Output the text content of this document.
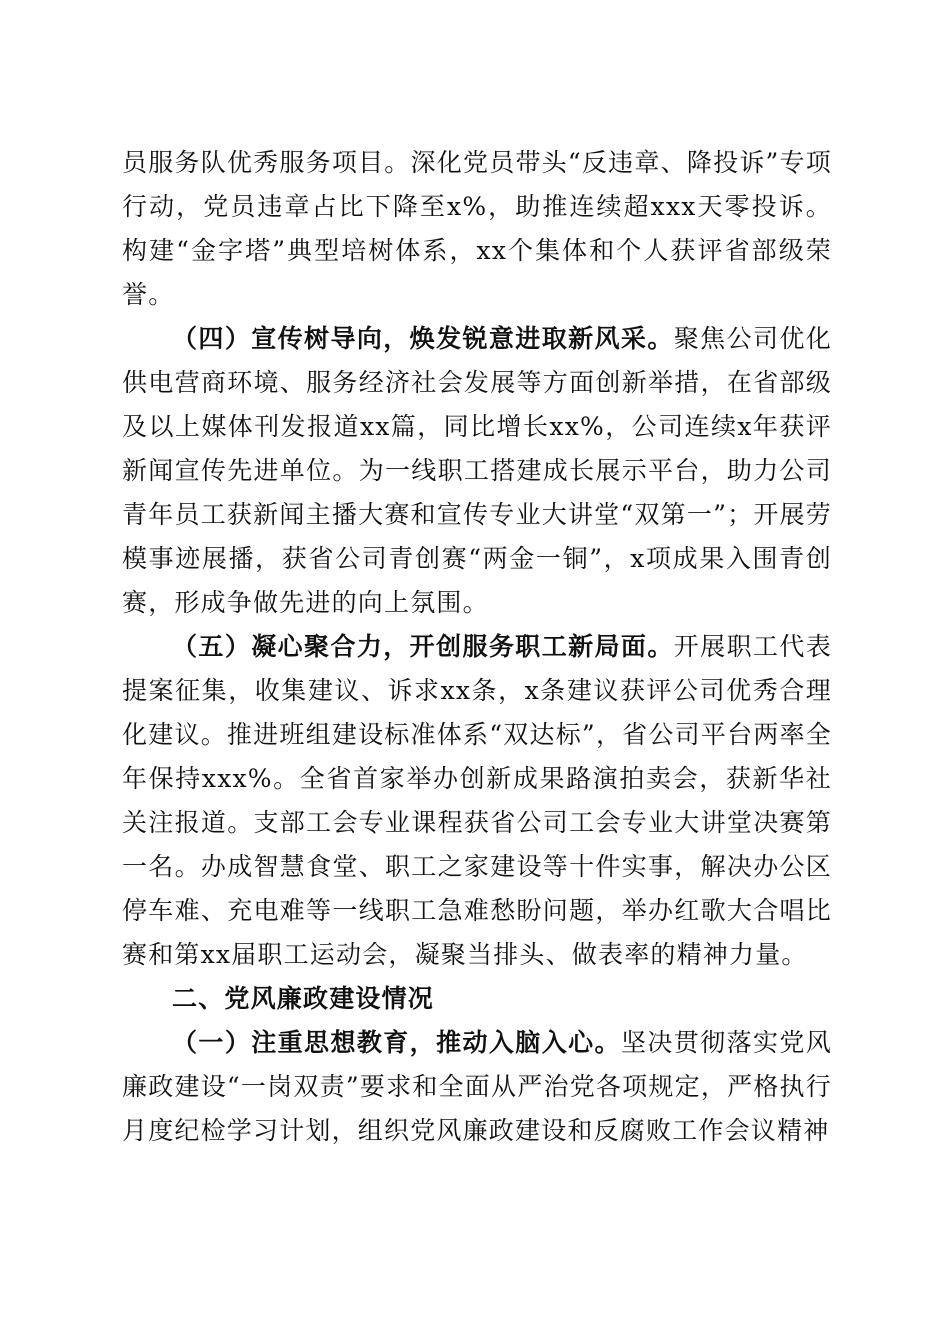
员服务队优秀服务项目。深化党员带头“反违章、降投诉”专项行动，党员违章占比下降至x%，助推连续超xxx天零投诉。构建“金字塔”典型培树体系，xx个集体和个人获评省部级荣誉。

（四）宣传树导向，焕发锐意进取新风采。聚焦公司优化供电营商环境、服务经济社会发展等方面创新举措，在省部级及以上媒体刊发报道xx篇，同比增长xx%，公司连续x年获评新闻宣传先进单位。为一线职工搭建成长展示平台，助力公司青年员工获新闻主播大赛和宣传专业大讲堂“双第一”；开展劳模事迹展播，获省公司青创赛“两金一铜”，x项成果入围青创赛，形成争做先进的向上氛围。

（五）凝心聚合力，开创服务职工新局面。开展职工代表提案征集，收集建议、诉求xx条，x条建议获评公司优秀合理化建议。推进班组建设标准体系“双达标”，省公司平台两率全年保持xxx%。全省首家举办创新成果路演拍卖会，获新华社关注报道。支部工会专业课程获省公司工会专业大讲堂决赛第一名。办成智慧食堂、职工之家建设等十件实事，解决办公区停车难、充电难等一线职工急难愁盼问题，举办红歌大合唱比赛和第xx届职工运动会，凝聚当排头、做表率的精神力量。

二、党风廉政建设情况

（一）注重思想教育，推动入脑入心。坚决贯彻落实党风廉政建设“一岗双责”要求和全面从严治党各项规定，严格执行月度纪检学习计划，组织党风廉政建设和反腐败工作会议精神
